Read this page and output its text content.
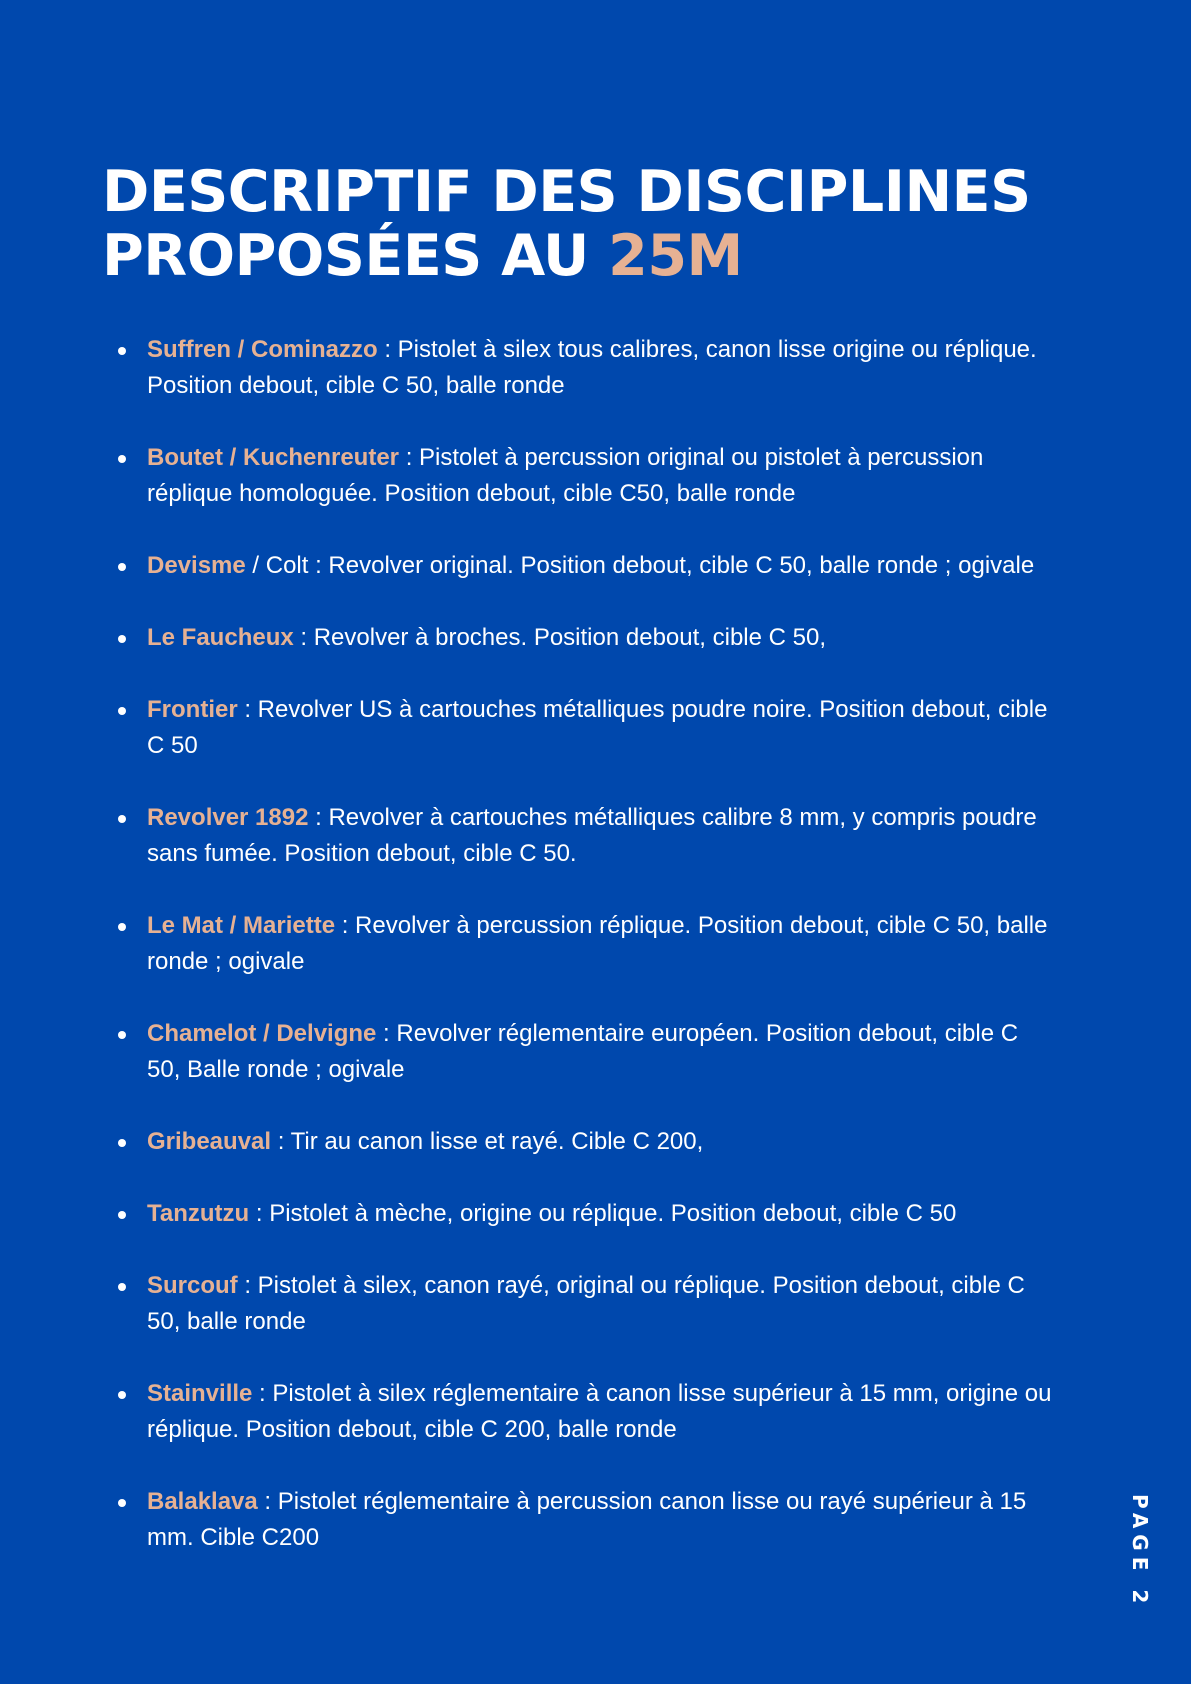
DESCRIPTIF DES DISCIPLINES
PROPOSÉES AU 25M
Suffren / Cominazzo : Pistolet à silex tous calibres, canon lisse origine ou réplique. Position debout, cible C 50, balle ronde
Boutet / Kuchenreuter : Pistolet à percussion original ou pistolet à percussion réplique homologuée. Position debout, cible C50, balle ronde
Devisme / Colt : Revolver original. Position debout, cible C 50, balle ronde ; ogivale
Le Faucheux : Revolver à broches. Position debout, cible C 50,
Frontier : Revolver US à cartouches métalliques poudre noire. Position debout, cible C 50
Revolver 1892 : Revolver à cartouches métalliques calibre 8 mm, y compris poudre sans fumée. Position debout, cible C 50.
Le Mat / Mariette : Revolver à percussion réplique. Position debout, cible C 50, balle ronde ; ogivale
Chamelot / Delvigne : Revolver réglementaire européen. Position debout, cible C 50, Balle ronde ; ogivale
Gribeauval : Tir au canon lisse et rayé. Cible C 200,
Tanzutzu : Pistolet à mèche, origine ou réplique. Position debout, cible C 50
Surcouf : Pistolet à silex, canon rayé, original ou réplique. Position debout, cible C 50, balle ronde
Stainville : Pistolet à silex réglementaire à canon lisse supérieur à 15 mm, origine ou réplique. Position debout, cible C 200, balle ronde
Balaklava : Pistolet réglementaire à percussion canon lisse ou rayé supérieur à 15 mm. Cible C200	PAGE 2
